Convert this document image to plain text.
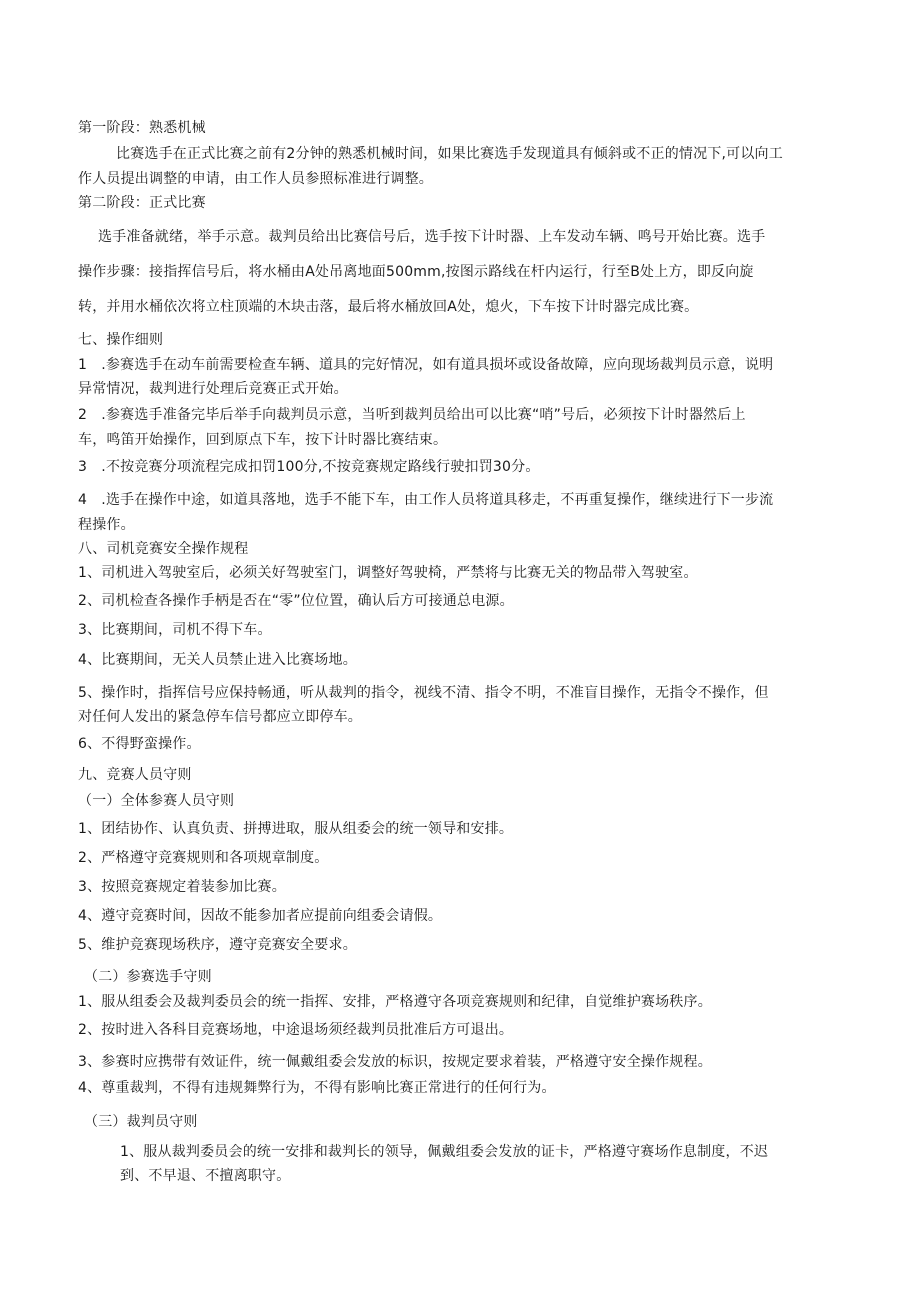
第一阶段：熟悉机械
比赛选手在正式比赛之前有2分钟的熟悉机械时间，如果比赛选手发现道具有倾斜或不正的情况下,可以向工
作人员提出调整的申请，由工作人员参照标准进行调整。
第二阶段：正式比赛
选手准备就绪，举手示意。裁判员给出比赛信号后，选手按下计时器、上车发动车辆、鸣号开始比赛。选手
操作步骤：接指挥信号后，将水桶由A处吊离地面500mm,按图示路线在杆内运行，行至B处上方，即反向旋
转，并用水桶依次将立柱顶端的木块击落，最后将水桶放回A处，熄火，下车按下计时器完成比赛。
七、操作细则
1　.参赛选手在动车前需要检查车辆、道具的完好情况，如有道具损坏或设备故障，应向现场裁判员示意，说明
异常情况，裁判进行处理后竞赛正式开始。
2　.参赛选手准备完毕后举手向裁判员示意，当听到裁判员给出可以比赛“哨”号后，必须按下计时器然后上
车，鸣笛开始操作，回到原点下车，按下计时器比赛结束。
3　.不按竞赛分项流程完成扣罚100分,不按竞赛规定路线行驶扣罚30分。
4　.选手在操作中途，如道具落地，选手不能下车，由工作人员将道具移走，不再重复操作，继续进行下一步流
程操作。
八、司机竞赛安全操作规程
1、司机进入驾驶室后，必须关好驾驶室门，调整好驾驶椅，严禁将与比赛无关的物品带入驾驶室。
2、司机检查各操作手柄是否在“零”位位置，确认后方可接通总电源。
3、比赛期间，司机不得下车。
4、比赛期间，无关人员禁止进入比赛场地。
5、操作时，指挥信号应保持畅通，听从裁判的指令，视线不清、指令不明，不准盲目操作，无指令不操作，但
对任何人发出的紧急停车信号都应立即停车。
6、不得野蛮操作。
九、竞赛人员守则
（一）全体参赛人员守则
1、团结协作、认真负责、拼搏进取，服从组委会的统一领导和安排。
2、严格遵守竞赛规则和各项规章制度。
3、按照竞赛规定着装参加比赛。
4、遵守竞赛时间，因故不能参加者应提前向组委会请假。
5、维护竞赛现场秩序，遵守竞赛安全要求。
（二）参赛选手守则
1、服从组委会及裁判委员会的统一指挥、安排，严格遵守各项竞赛规则和纪律，自觉维护赛场秩序。
2、按时进入各科目竞赛场地，中途退场须经裁判员批准后方可退出。
3、参赛时应携带有效证件，统一佩戴组委会发放的标识，按规定要求着装，严格遵守安全操作规程。
4、尊重裁判，不得有违规舞弊行为，不得有影响比赛正常进行的任何行为。
（三）裁判员守则
1、服从裁判委员会的统一安排和裁判长的领导，佩戴组委会发放的证卡，严格遵守赛场作息制度，不迟
到、不早退、不擅离职守。
